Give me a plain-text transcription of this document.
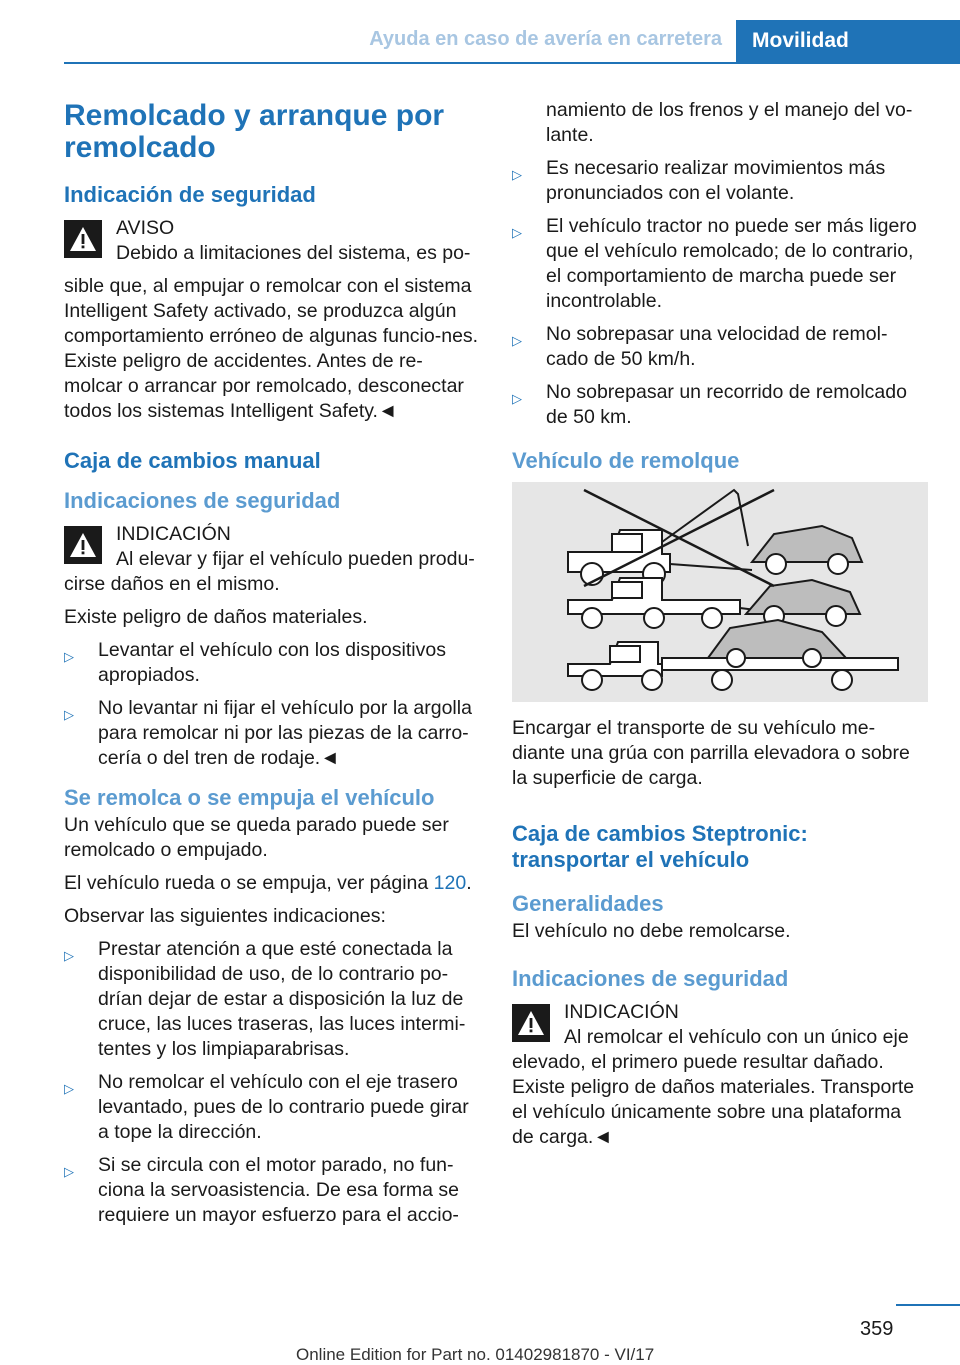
Ayuda en caso de avería en carretera	Movilidad
Remolcado y arranque por remolcado
Indicación de seguridad

AVISO

Debido a limitaciones del sistema, es po-

sible que, al empujar o remolcar con el sistema Intelligent Safety activado, se produzca algún comportamiento erróneo de algunas funcio-nes. Existe peligro de accidentes. Antes de re-molcar o arrancar por remolcado, desconectar todos los sistemas Intelligent Safety.◄

Caja de cambios manual
Indicaciones de seguridad

INDICACIÓN

Al elevar y fijar el vehículo pueden produ-

cirse daños en el mismo.

Existe peligro de daños materiales.

▷ Levantar el vehículo con los dispositivos apropiados.
▷ No levantar ni fijar el vehículo por la argolla para remolcar ni por las piezas de la carro-cería o del tren de rodaje.◄
Se remolca o se empuja el vehículo

Un vehículo que se queda parado puede ser remolcado o empujado.

El vehículo rueda o se empuja, ver página 120.

Observar las siguientes indicaciones:

▷ Prestar atención a que esté conectada la disponibilidad de uso, de lo contrario po-drían dejar de estar a disposición la luz de cruce, las luces traseras, las luces intermi-tentes y los limpiaparabrisas.
▷ No remolcar el vehículo con el eje trasero levantado, pues de lo contrario puede girar a tope la dirección.
▷ Si se circula con el motor parado, no fun-ciona la servoasistencia. De esa forma se requiere un mayor esfuerzo para el accio-

namiento de los frenos y el manejo del vo-lante.

▷ Es necesario realizar movimientos más pronunciados con el volante.
▷ El vehículo tractor no puede ser más ligero que el vehículo remolcado; de lo contrario, el comportamiento de marcha puede ser incontrolable.
▷ No sobrepasar una velocidad de remol-cado de 50 km/h.
▷ No sobrepasar un recorrido de remolcado de 50 km.
Vehículo de remolque

Encargar el transporte de su vehículo me-diante una grúa con parrilla elevadora o sobre la superficie de carga.

Caja de cambios Steptronic: transportar el vehículo
Generalidades

El vehículo no debe remolcarse.

Indicaciones de seguridad

INDICACIÓN

Al remolcar el vehículo con un único eje

elevado, el primero puede resultar dañado. Existe peligro de daños materiales. Transporte el vehículo únicamente sobre una plataforma de carga.◄

359
Online Edition for Part no. 01402981870 - VI/17
